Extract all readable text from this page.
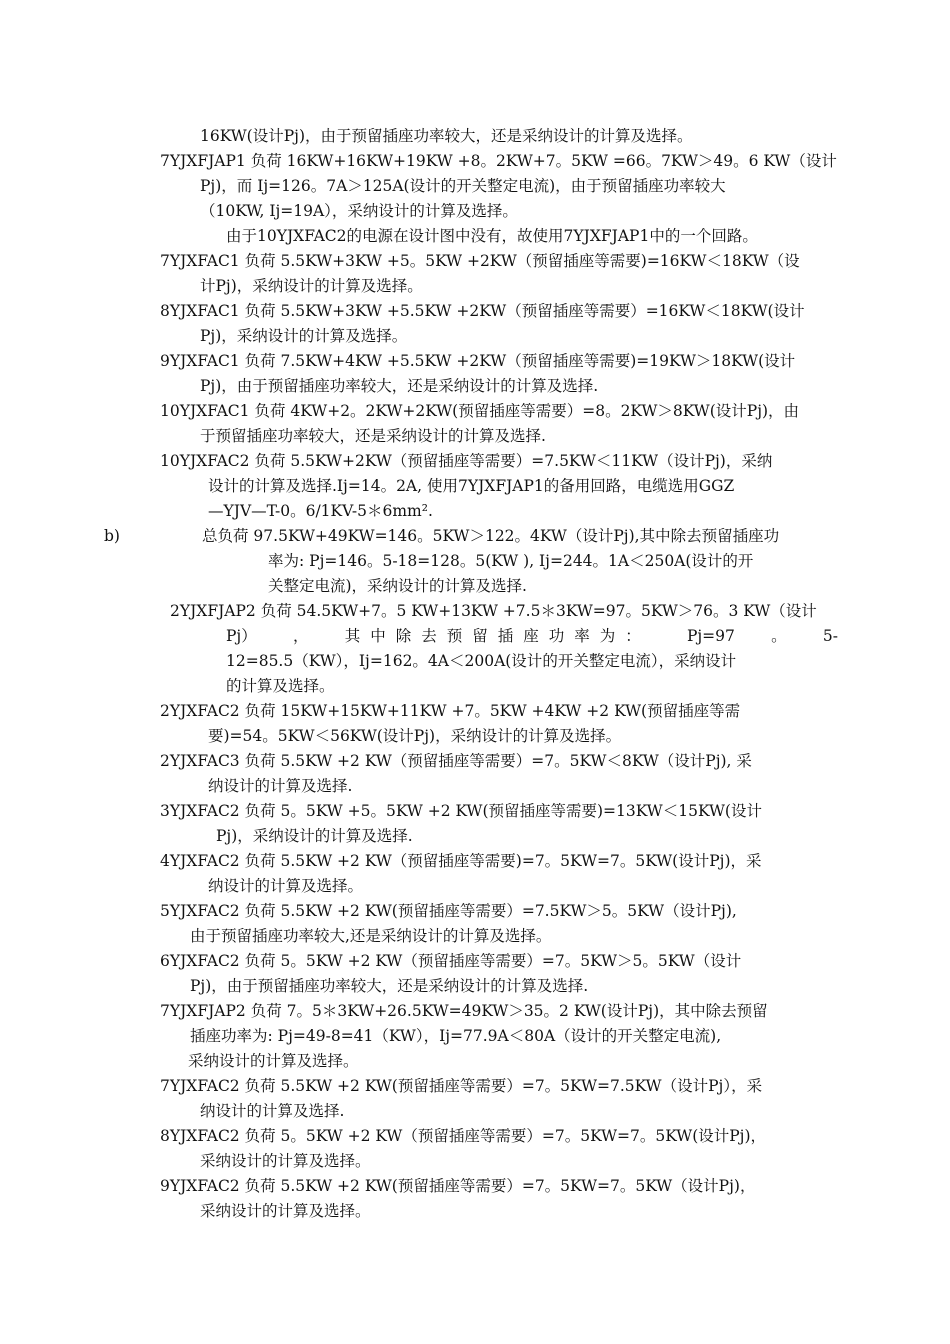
16KW(设计Pj)，由于预留插座功率较大，还是采纳设计的计算及选择。

7YJXFJAP1 负荷 16KW+16KW+19KW +8。2KW+7。5KW =66。7KW＞49。6 KW（设计

Pj)，而 Ij=126。7A＞125A(设计的开关整定电流)，由于预留插座功率较大

（10KW, Ij=19A），采纳设计的计算及选择。

由于10YJXFAC2的电源在设计图中没有，故使用7YJXFJAP1中的一个回路。

7YJXFAC1 负荷 5.5KW+3KW +5。5KW +2KW（预留插座等需要)=16KW＜18KW（设

计Pj)，采纳设计的计算及选择。

8YJXFAC1 负荷 5.5KW+3KW +5.5KW +2KW（预留插座等需要）=16KW＜18KW(设计

Pj)，采纳设计的计算及选择。

9YJXFAC1 负荷 7.5KW+4KW +5.5KW +2KW（预留插座等需要)=19KW＞18KW(设计

Pj)，由于预留插座功率较大，还是采纳设计的计算及选择.

10YJXFAC1 负荷 4KW+2。2KW+2KW(预留插座等需要）=8。2KW＞8KW(设计Pj)，由

于预留插座功率较大，还是采纳设计的计算及选择.

10YJXFAC2 负荷 5.5KW+2KW（预留插座等需要）=7.5KW＜11KW（设计Pj)，采纳

设计的计算及选择.Ij=14。2A, 使用7YJXFJAP1的备用回路，电缆选用GGZ

—YJV—T-0。6/1KV-5＊6mm².

b)	总负荷 97.5KW+49KW=146。5KW＞122。4KW（设计Pj),其中除去预留插座功

率为: Pj=146。5-18=128。5(KW ), Ij=244。1A＜250A(设计的开

关整定电流)，采纳设计的计算及选择.

2YJXFJAP2 负荷 54.5KW+7。5 KW+13KW +7.5＊3KW=97。5KW＞76。3 KW（设计

Pj） ， 其中除去预留插座功率为： Pj=97 。 5-

12=85.5（KW），Ij=162。4A＜200A(设计的开关整定电流），采纳设计

的计算及选择。

2YJXFAC2 负荷 15KW+15KW+11KW +7。5KW +4KW +2 KW(预留插座等需

要)=54。5KW＜56KW(设计Pj)，采纳设计的计算及选择。

2YJXFAC3 负荷 5.5KW +2 KW（预留插座等需要）=7。5KW＜8KW（设计Pj), 采

纳设计的计算及选择.

3YJXFAC2 负荷 5。5KW +5。5KW +2 KW(预留插座等需要)=13KW＜15KW(设计

Pj)，采纳设计的计算及选择.

4YJXFAC2 负荷 5.5KW +2 KW（预留插座等需要)=7。5KW=7。5KW(设计Pj)，采

纳设计的计算及选择。

5YJXFAC2 负荷 5.5KW +2 KW(预留插座等需要）=7.5KW＞5。5KW（设计Pj),

由于预留插座功率较大,还是采纳设计的计算及选择。

6YJXFAC2 负荷 5。5KW +2 KW（预留插座等需要）=7。5KW＞5。5KW（设计

Pj)，由于预留插座功率较大，还是采纳设计的计算及选择.

7YJXFJAP2 负荷 7。5＊3KW+26.5KW=49KW＞35。2 KW(设计Pj)，其中除去预留

插座功率为: Pj=49-8=41（KW），Ij=77.9A＜80A（设计的开关整定电流),

采纳设计的计算及选择。

7YJXFAC2 负荷 5.5KW +2 KW(预留插座等需要）=7。5KW=7.5KW（设计Pj），采

纳设计的计算及选择.

8YJXFAC2 负荷 5。5KW +2 KW（预留插座等需要）=7。5KW=7。5KW(设计Pj)，

采纳设计的计算及选择。

9YJXFAC2 负荷 5.5KW +2 KW(预留插座等需要）=7。5KW=7。5KW（设计Pj)，

采纳设计的计算及选择。
